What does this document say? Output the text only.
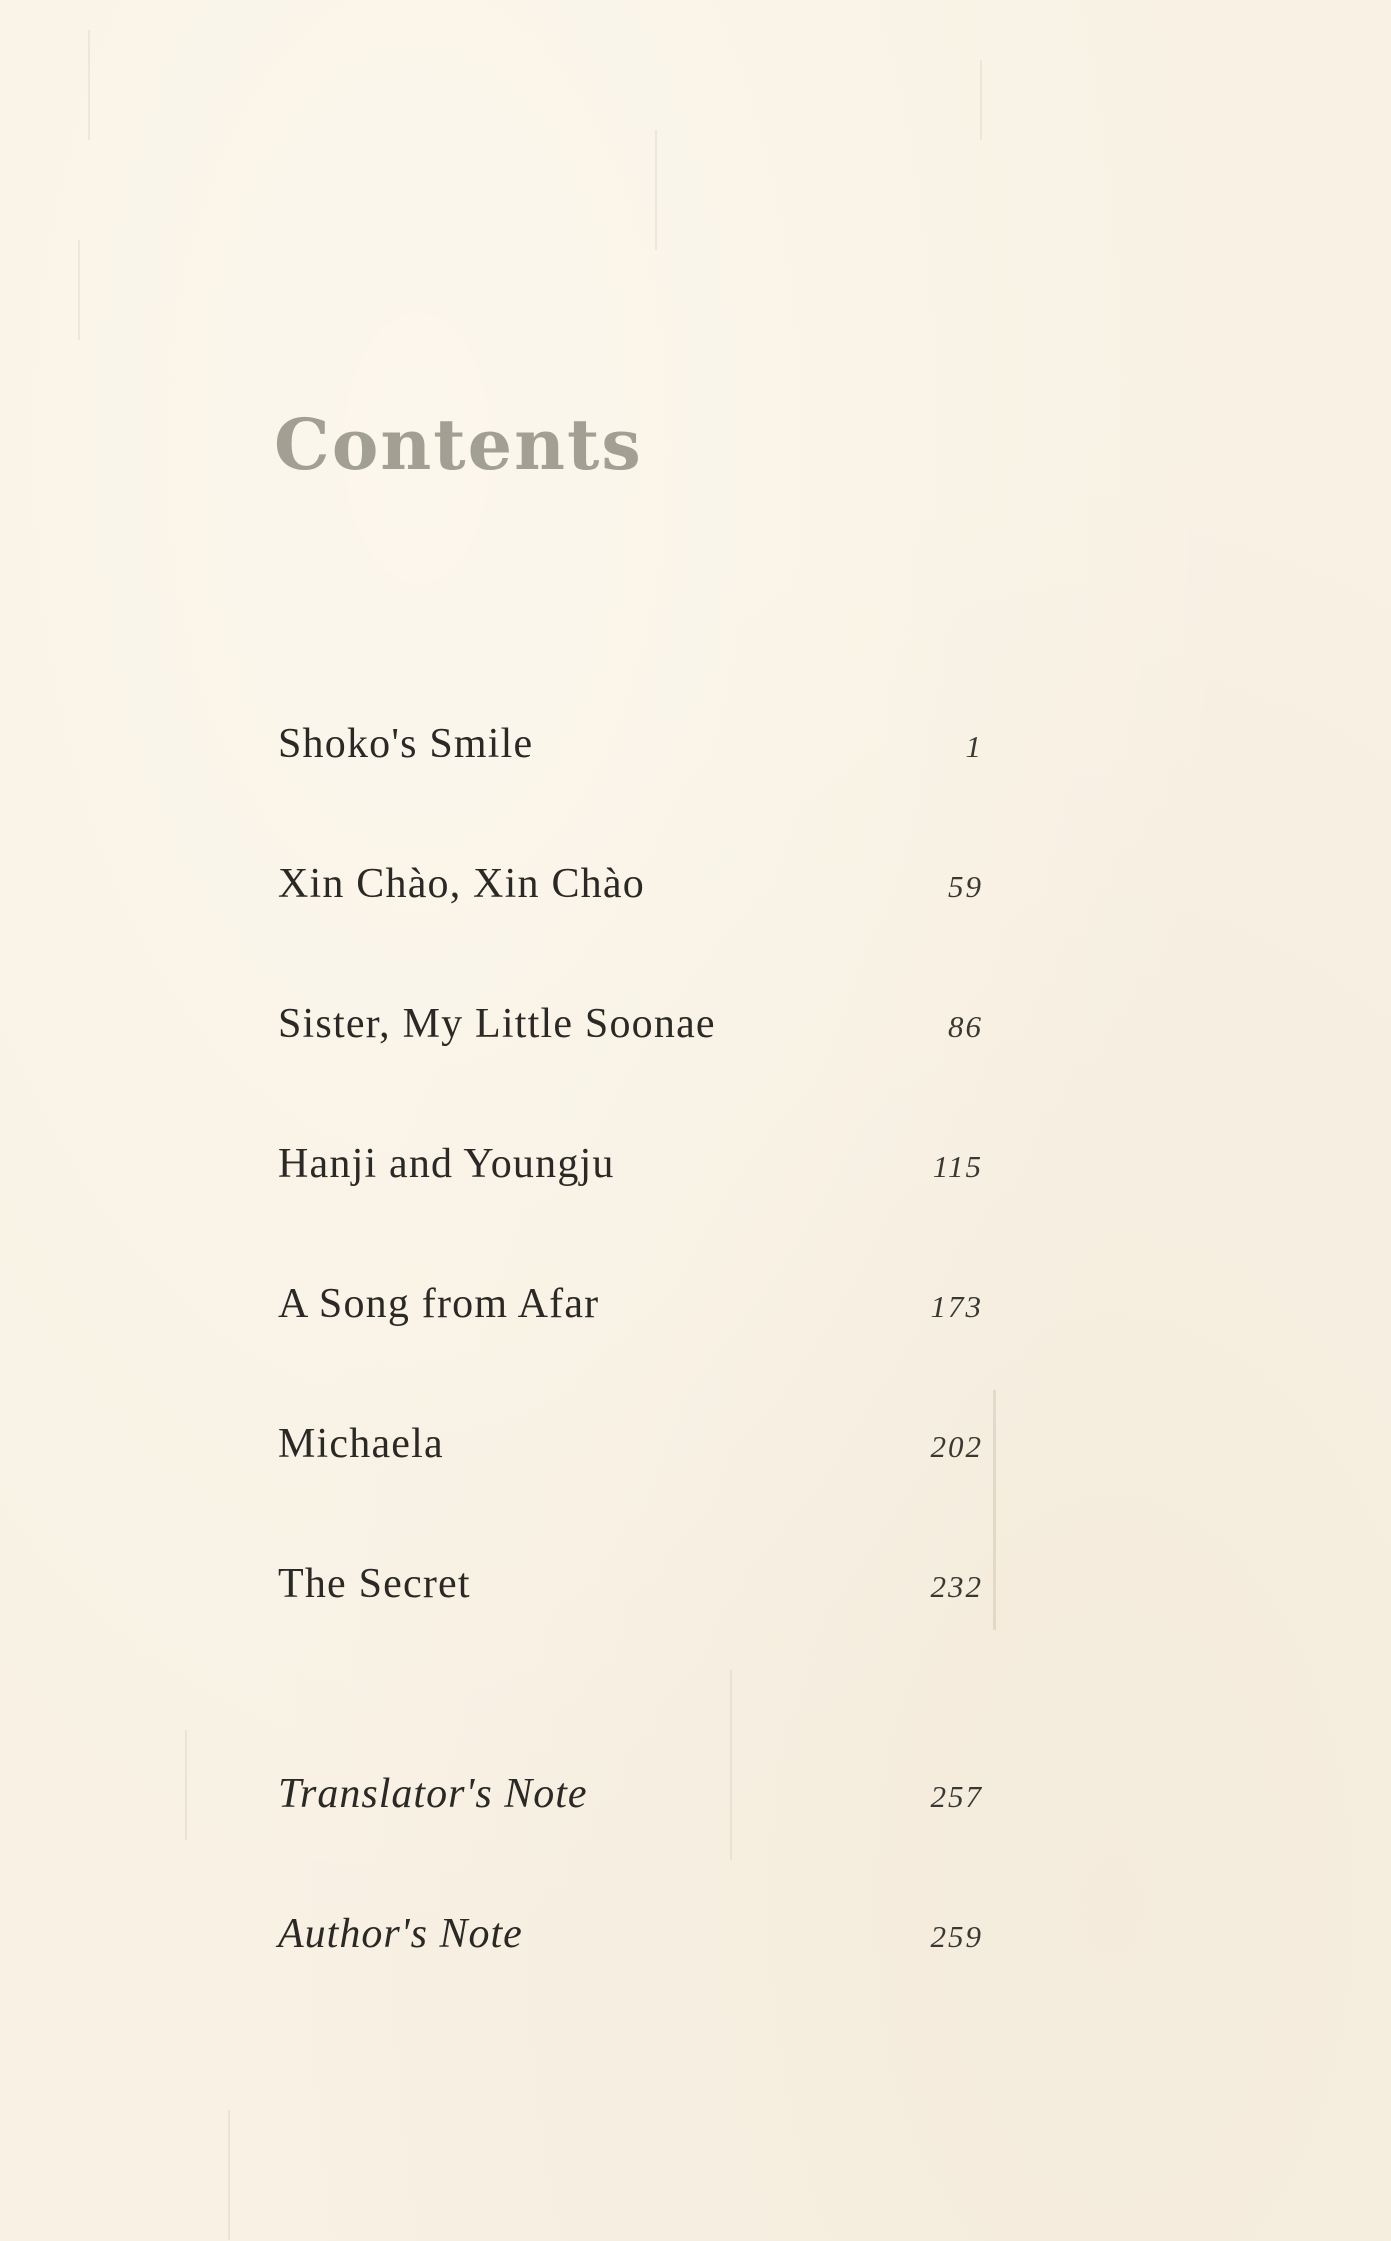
Contents
Shoko's Smile	1
Xin Chào, Xin Chào	59
Sister, My Little Soonae	86
Hanji and Youngju	115
A Song from Afar	173
Michaela	202
The Secret	232
Translator's Note	257
Author's Note	259
